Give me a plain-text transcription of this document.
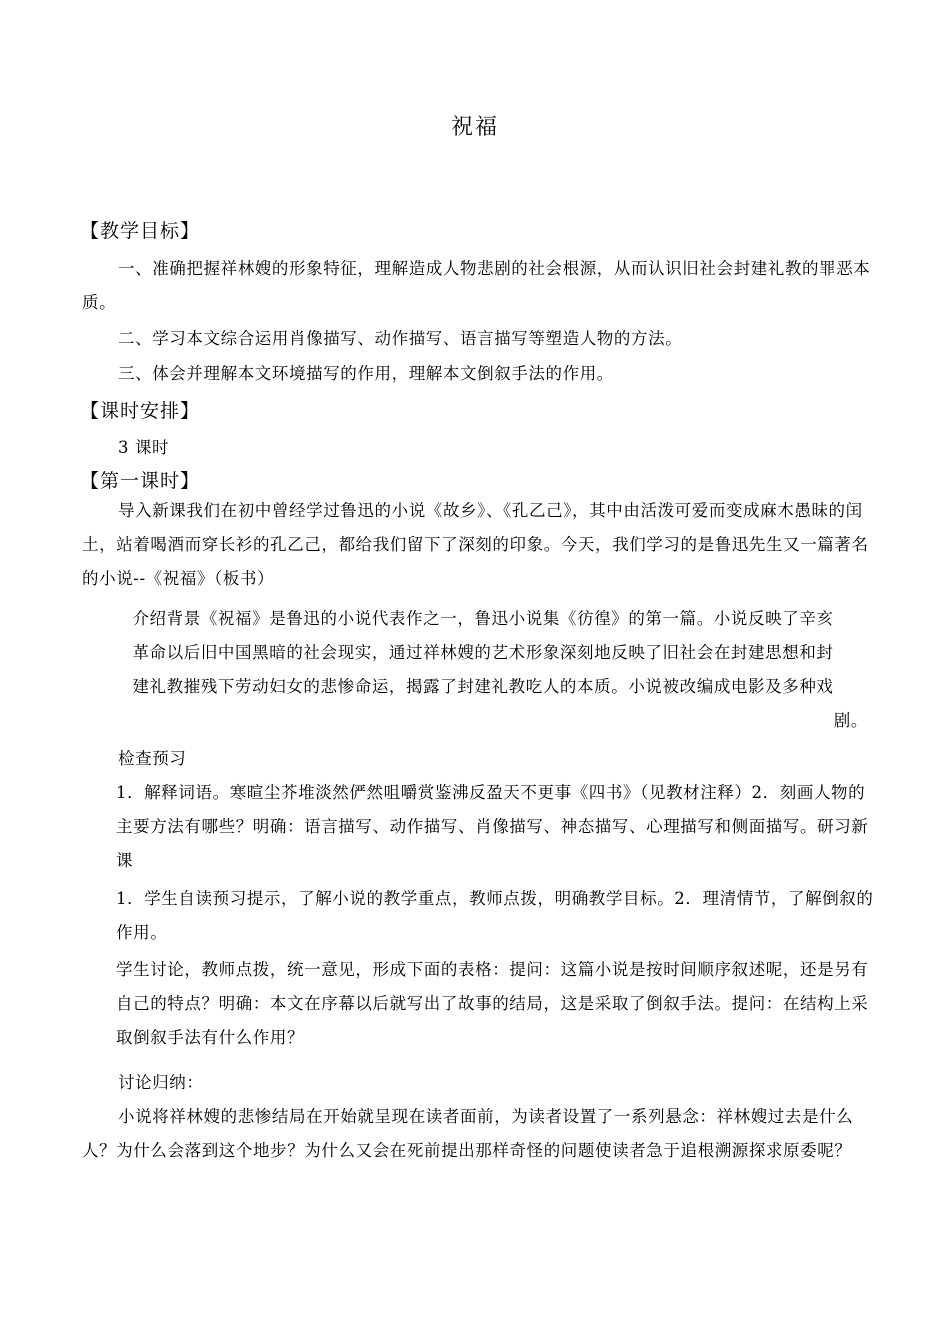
祝福
【教学目标】
一、准确把握祥林嫂的形象特征，理解造成人物悲剧的社会根源，从而认识旧社会封建礼教的罪恶本质。
二、学习本文综合运用肖像描写、动作描写、语言描写等塑造人物的方法。
三、体会并理解本文环境描写的作用，理解本文倒叙手法的作用。
【课时安排】
3 课时
【第一课时】
导入新课我们在初中曾经学过鲁迅的小说《故乡》、《孔乙己》，其中由活泼可爱而变成麻木愚昧的闰土，站着喝酒而穿长衫的孔乙己，都给我们留下了深刻的印象。今天，我们学习的是鲁迅先生又一篇著名的小说--《祝福》（板书）
介绍背景《祝福》是鲁迅的小说代表作之一，鲁迅小说集《彷徨》的第一篇。小说反映了辛亥
革命以后旧中国黑暗的社会现实，通过祥林嫂的艺术形象深刻地反映了旧社会在封建思想和封
建礼教摧残下劳动妇女的悲惨命运，揭露了封建礼教吃人的本质。小说被改编成电影及多种戏
剧。
检查预习
1．解释词语。寒暄尘芥堆淡然俨然咀嚼赏鉴沸反盈天不更事《四书》（见教材注释）2．刻画人物的主要方法有哪些？明确：语言描写、动作描写、肖像描写、神态描写、心理描写和侧面描写。研习新课
1．学生自读预习提示，了解小说的教学重点，教师点拨，明确教学目标。2．理清情节，了解倒叙的作用。
学生讨论，教师点拨，统一意见，形成下面的表格：提问：这篇小说是按时间顺序叙述呢，还是另有自己的特点？明确：本文在序幕以后就写出了故事的结局，这是采取了倒叙手法。提问：在结构上采取倒叙手法有什么作用？
讨论归纳：
小说将祥林嫂的悲惨结局在开始就呈现在读者面前，为读者设置了一系列悬念：祥林嫂过去是什么人？为什么会落到这个地步？为什么又会在死前提出那样奇怪的问题使读者急于追根溯源探求原委呢？
